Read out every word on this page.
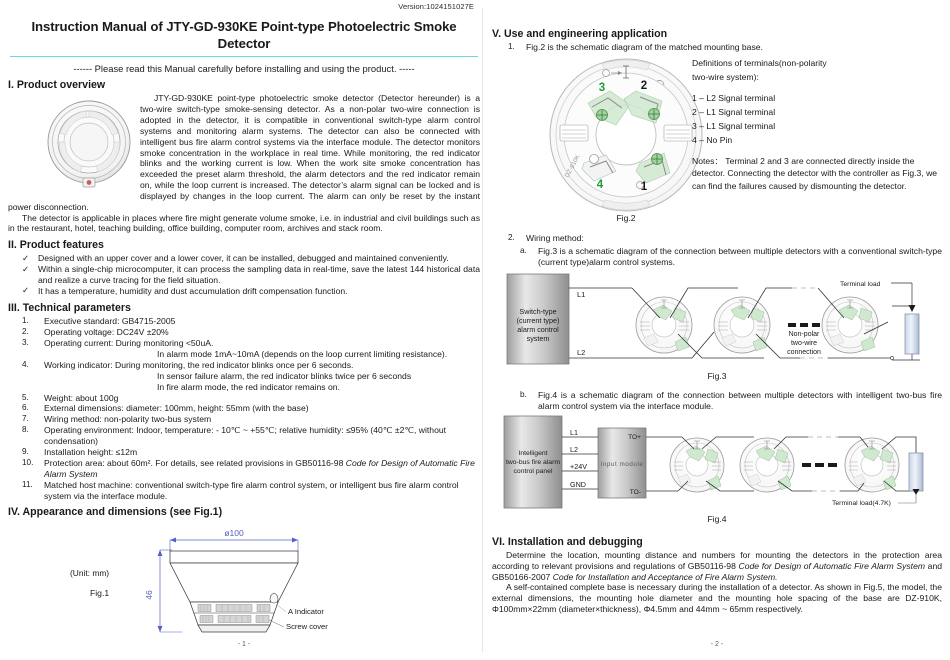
Version:1024151027E
Instruction Manual of JTY-GD-930KE Point-type Photoelectric Smoke Detector
------ Please read this Manual carefully before installing and using the product. -----
I. Product overview

JTY-GD-930KE point-type photoelectric smoke detector (Detector hereunder) is a two-wire switch-type smoke-sensing detector. As a non-polar two-wire connection is adopted in the detector, it is compatible in conventional switch-type alarm control systems and monitoring alarm systems. The detector can also be connected with intelligent bus fire alarm control systems via the interface module. The detector monitors smoke concentration in the workplace in real time. While monitoring, the red indicator blinks and the working current is low. When the work site smoke concentration has exceeded the preset alarm threshold, the alarm detectors and the red indicator remain on, while the loop current is increased. The detector’s alarm signal can be locked and is displayed by changes in the loop current. The alarm can only be reset by the instant power disconnection.

The detector is applicable in places where fire might generate volume smoke, i.e. in industrial and civil buildings such as in the restaurant, hotel, teaching building, office building, computer room, archives and stack room.

II. Product features
✓ Designed with an upper cover and a lower cover, it can be installed, debugged and maintained conveniently.
✓ Within a single-chip microcomputer, it can process the sampling data in real-time, save the latest 144 historical data and realize a curve tracing for the field situation.
✓ It has a temperature, humidity and dust accumulation drift compensation function.
III. Technical parameters
1.	Executive standard: GB4715-2005
2.	Operating voltage: DC24V ±20%
3.	Operating current: During monitoring <50uA.
In alarm mode 1mA~10mA (depends on the loop current limiting resistance).
4.	Working indicator: During monitoring, the red indicator blinks once per 6 seconds.
In sensor failure alarm, the red indicator blinks twice per 6 seconds
In fire alarm mode, the red indicator remains on.
5.	Weight: about 100g
6.	External dimensions: diameter: 100mm, height: 55mm (with the base)
7.	Wiring method: non-polarity two-bus system
8.	Operating environment: Indoor, temperature: - 10℃ ~ +55℃; relative humidity: ≤95% (40℃ ±2℃, without condensation)
9.	Installation height: ≤12m
10.	Protection area: about 60m². For details, see related provisions in GB50116-98 Code for Design of Automatic Fire Alarm System
11.	Matched host machine: conventional switch-type fire alarm control system, or intelligent bus fire alarm control system via the interface module.
IV. Appearance and dimensions (see Fig.1)
(Unit: mm)
Fig.1
ø100
46
A Indicator
Screw cover
- 1 -
V. Use and engineering application
1. Fig.2 is the schematic diagram of the matched mounting base.
3	2
1
4
DZ-910K
Fig.2
Definitions of terminals(non-polarity
two-wire system):
1 – L2 Signal terminal
2 – L1 Signal terminal
3 – L1 Signal terminal
4 – No Pin
Notes： Terminal 2 and 3 are connected directly inside the detector. Connecting the detector with the controller as Fig.3, we can find the failures caused by dismounting the detector.
2. Wiring method:
a. Fig.3 is a schematic diagram of the connection between multiple detectors with a conventional switch-type (current type)alarm control systems.
Switch-type
(current type)
alarm control
system
L1
L2
Terminal load
Non-polar
two-wire
connection
Fig.3
b. Fig.4 is a schematic diagram of the connection between multiple detectors with intelligent two-bus fire alarm control system via the interface module.
Intelligent
two-bus fire alarm
control panel
Input module
TO+
TO-
L1
L2
+24V
GND
Terminal load(4.7K)
Fig.4
VI. Installation and debugging

Determine the location, mounting distance and numbers for mounting the detectors in the protection area according to relevant provisions and regulations of GB50116-98 Code for Design of Automatic Fire Alarm System and GB50166-2007 Code for Installation and Acceptance of Fire Alarm System.

A self-contained complete base is necessary during the installation of a detector. As shown in Fig.5, the model, the external dimensions, the mounting hole diameter and the mounting hole spacing of the base are DZ-910K, Φ100mm×22mm (diameter×thickness), Φ4.5mm and 44mm ~ 65mm respectively.

- 2 -
